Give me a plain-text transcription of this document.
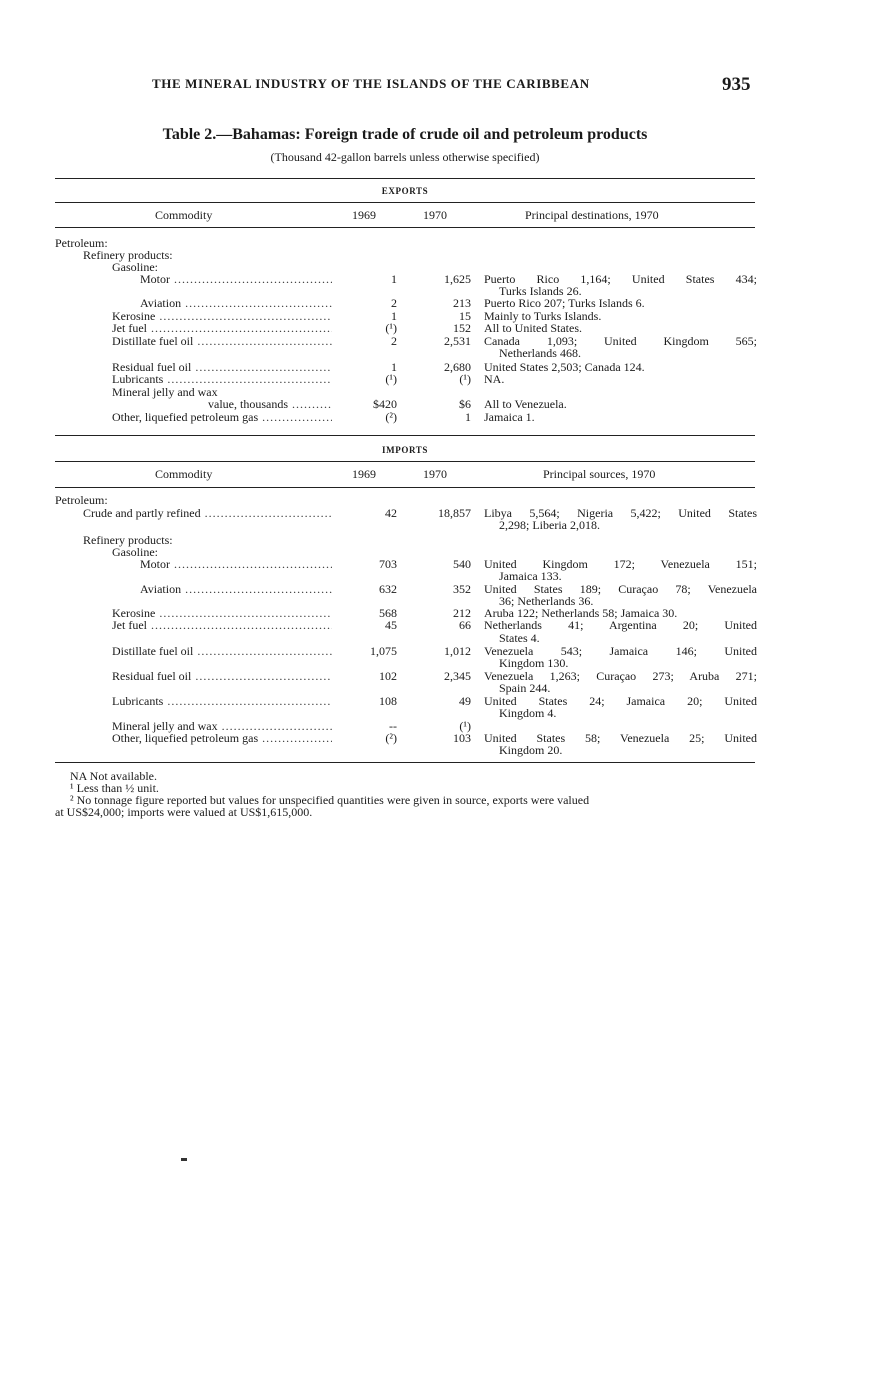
THE MINERAL INDUSTRY OF THE ISLANDS OF THE CARIBBEAN	935
Table 2.—Bahamas: Foreign trade of crude oil and petroleum products
(Thousand 42-gallon barrels unless otherwise specified)
EXPORTS
Commodity	1969	1970	Principal destinations, 1970
Petroleum:
Refinery products:
Gasoline:
Motor .....	1	1,625 Puerto Rico 1,164; United States 434;
Turks Islands 26.
Aviation .....	2	213 Puerto Rico 207; Turks Islands 6.
Kerosine .....	1	15 Mainly to Turks Islands.
Jet fuel .....	(¹)	152 All to United States.
Distillate fuel oil .....	2	2,531 Canada 1,093; United Kingdom 565;
Netherlands 468.
Residual fuel oil .....	1	2,680 United States 2,503; Canada 124.
Lubricants .....	(¹)	(¹) NA.
Mineral jelly and wax
value, thousands .....	$420	$6 All to Venezuela.
Other, liquefied petroleum gas .....	(²)	1 Jamaica 1.
IMPORTS
Commodity	1969	1970	Principal sources, 1970
Petroleum:
Crude and partly refined .....	42	18,857 Libya 5,564; Nigeria 5,422; United States
2,298; Liberia 2,018.
Refinery products:
Gasoline:
Motor .....	703	540 United Kingdom 172; Venezuela 151;
Jamaica 133.
Aviation .....	632	352 United States 189; Curaçao 78; Venezuela
36; Netherlands 36.
Kerosine .....	568	212 Aruba 122; Netherlands 58; Jamaica 30.
Jet fuel .....	45	66 Netherlands 41; Argentina 20; United
States 4.
Distillate fuel oil .....	1,075	1,012 Venezuela 543; Jamaica 146; United
Kingdom 130.
Residual fuel oil .....	102	2,345 Venezuela 1,263; Curaçao 273; Aruba 271;
Spain 244.
Lubricants .....	108	49 United States 24; Jamaica 20; United
Kingdom 4.
Mineral jelly and wax .....	--	(¹)
Other, liquefied petroleum gas .....	(²)	103 United States 58; Venezuela 25; United
Kingdom 20.
NA Not available.
¹ Less than ½ unit.
² No tonnage figure reported but values for unspecified quantities were given in source, exports were valued
at US$24,000; imports were valued at US$1,615,000.
